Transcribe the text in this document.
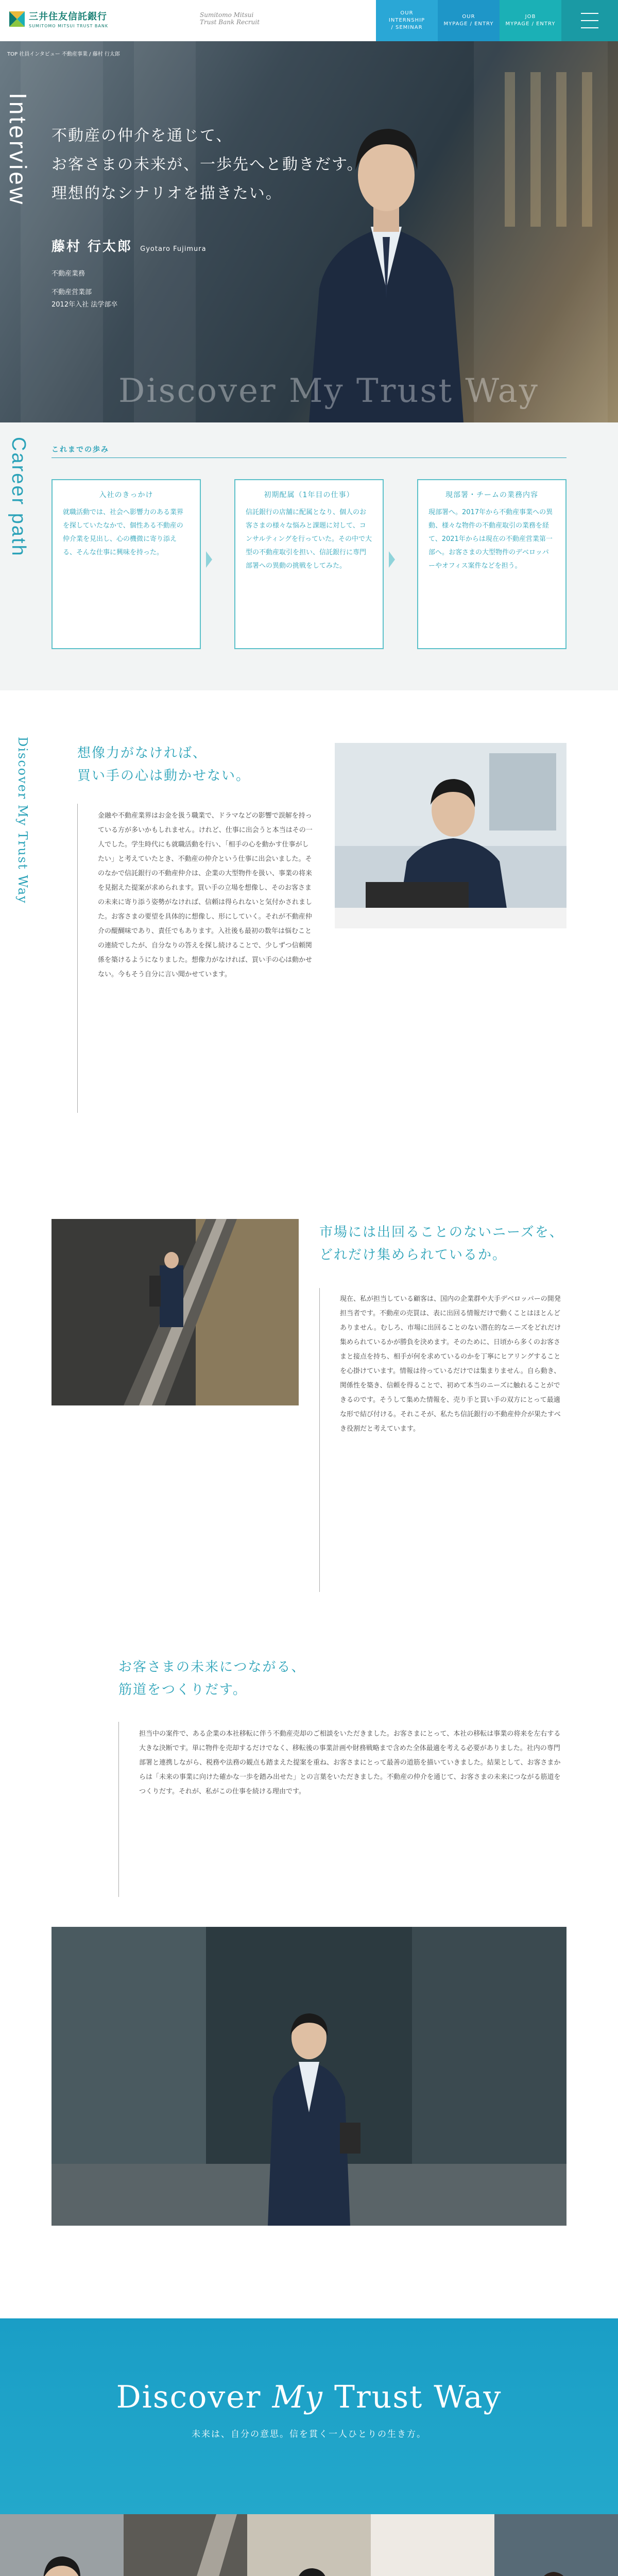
三井住友信託銀行
SUMITOMO MITSUI TRUST BANK
Sumitomo Mitsui Trust Bank Recruit
OUR
INTERNSHIP
/ SEMINAR
OUR
MYPAGE / ENTRY
JOB
MYPAGE / ENTRY
TOP 社員インタビュー 不動産事業 / 藤村 行太郎
Interview 不動産の仲介を通じて、
お客さまの未来が、一歩先へと動きだす。
理想的なシナリオを描きたい。
藤村 行太郎 Gyotaro Fujimura
不動産業務
不動産営業部
2012年入社 法学部卒
Discover My Trust Way
Career path	これまでの歩み
入社のきっかけ
就職活動では、社会へ影響力のある業界を探していたなかで、個性ある不動産の仲介業を見出し、心の機微に寄り添える、そんな仕事に興味を持った。
初期配属（1年目の仕事）
信託銀行の店舗に配属となり、個人のお客さまの様々な悩みと課題に対して、コンサルティングを行っていた。その中で大型の不動産取引を担い、信託銀行に専門部署への異動の挑戦をしてみた。
現部署・チームの業務内容
現部署へ。2017年から不動産事業への異動、様々な物件の不動産取引の業務を経て、2021年からは現在の不動産営業第一部へ。お客さまの大型物件のデベロッパーやオフィス案件などを担う。
Discover My Trust Way	想像力がなければ、
買い手の心は動かせない。
金融や不動産業界はお金を扱う職業で、ドラマなどの影響で誤解を持っている方が多いかもしれません。けれど、仕事に出会うと本当はその一人でした。学生時代にも就職活動を行い、「相手の心を動かす仕事がしたい」と考えていたとき、不動産の仲介という仕事に出会いました。そのなかで信託銀行の不動産仲介は、企業の大型物件を扱い、事業の将来を見据えた提案が求められます。買い手の立場を想像し、そのお客さまの未来に寄り添う姿勢がなければ、信頼は得られないと気付かされました。お客さまの要望を具体的に想像し、形にしていく。それが不動産仲介の醍醐味であり、責任でもあります。入社後も最初の数年は悩むことの連続でしたが、自分なりの答えを探し続けることで、少しずつ信頼関係を築けるようになりました。想像力がなければ、買い手の心は動かせない。今もそう自分に言い聞かせています。
市場には出回ることのないニーズを、
どれだけ集められているか。
現在、私が担当している顧客は、国内の企業群や大手デベロッパーの開発担当者です。不動産の売買は、表に出回る情報だけで動くことはほとんどありません。むしろ、市場に出回ることのない潜在的なニーズをどれだけ集められているかが勝負を決めます。そのために、日頃から多くのお客さまと接点を持ち、相手が何を求めているのかを丁寧にヒアリングすることを心掛けています。情報は待っているだけでは集まりません。自ら動き、関係性を築き、信頼を得ることで、初めて本当のニーズに触れることができるのです。そうして集めた情報を、売り手と買い手の双方にとって最適な形で結び付ける。それこそが、私たち信託銀行の不動産仲介が果たすべき役割だと考えています。
お客さまの未来につながる、
筋道をつくりだす。
担当中の案件で、ある企業の本社移転に伴う不動産売却のご相談をいただきました。お客さまにとって、本社の移転は事業の将来を左右する大きな決断です。単に物件を売却するだけでなく、移転後の事業計画や財務戦略まで含めた全体最適を考える必要がありました。社内の専門部署と連携しながら、税務や法務の観点も踏まえた提案を重ね、お客さまにとって最善の道筋を描いていきました。結果として、お客さまからは「未来の事業に向けた確かな一歩を踏み出せた」との言葉をいただきました。不動産の仲介を通じて、お客さまの未来につながる筋道をつくりだす。それが、私がこの仕事を続ける理由です。
Discover My Trust Way
未来は、自分の意思。信を貫く一人ひとりの生き方。
